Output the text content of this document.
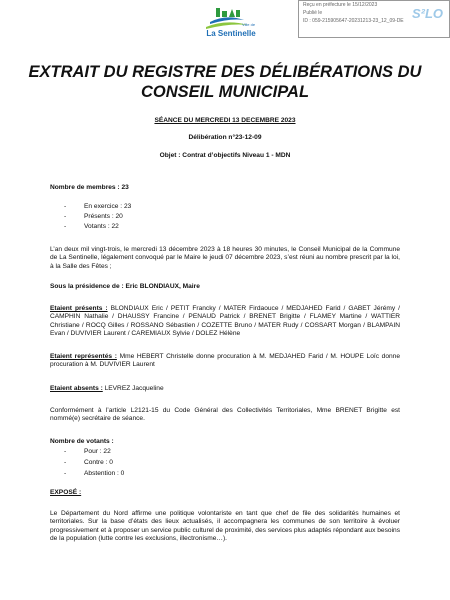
Ville de
La Sentinelle
Reçu en préfecture le 15/12/2023
Publié le
ID : 059-215905647-20231213-23_12_09-DE S²LO
EXTRAIT DU REGISTRE DES DÉLIBÉRATIONS DU
CONSEIL MUNICIPAL
SÉANCE DU MERCREDI 13 DECEMBRE 2023
Délibération n°23-12-09
Objet : Contrat d’objectifs Niveau 1 - MDN
Nombre de membres : 23
-	En exercice : 23
-	Présents : 20
-	Votants : 22
L’an deux mil vingt-trois, le mercredi 13 décembre 2023 à 18 heures 30 minutes, le Conseil Municipal de la Commune de La Sentinelle, légalement convoqué par le Maire le jeudi 07 décembre 2023, s’est réuni au nombre prescrit par la loi, à la Salle des Fêtes ;
Sous la présidence de : Eric BLONDIAUX, Maire
Etaient présents : BLONDIAUX Eric / PETIT Francky / MATER Firdaouce / MEDJAHED Farid / GABET Jérémy / CAMPHIN Nathalie / DHAUSSY Francine / PENAUD Patrick / BRENET Brigitte / FLAMEY Martine / WATTIER Christiane / ROCQ Gilles / ROSSANO Sébastien / COZETTE Bruno / MATER Rudy / COSSART Morgan / BLAMPAIN Evan / DUVIVIER Laurent / CAREMIAUX Sylvie / DOLEZ Hélène
Etaient représentés : Mme HEBERT Christelle donne procuration à M. MEDJAHED Farid / M. HOUPE Loïc donne procuration à M. DUVIVIER Laurent
Etaient absents : LEVREZ Jacqueline
Conformément à l’article L2121-15 du Code Général des Collectivités Territoriales, Mme BRENET Brigitte est nommé(e) secrétaire de séance.
Nombre de votants :
-	Pour : 22
-	Contre : 0
-	Abstention : 0
EXPOSÉ :
Le Département du Nord affirme une politique volontariste en tant que chef de file des solidarités humaines et territoriales. Sur la base d’états des lieux actualisés, il accompagnera les communes de son territoire à évoluer progressivement et à proposer un service public culturel de proximité, des services plus adaptés répondant aux besoins de la population (lutte contre les exclusions, illectronisme…).
